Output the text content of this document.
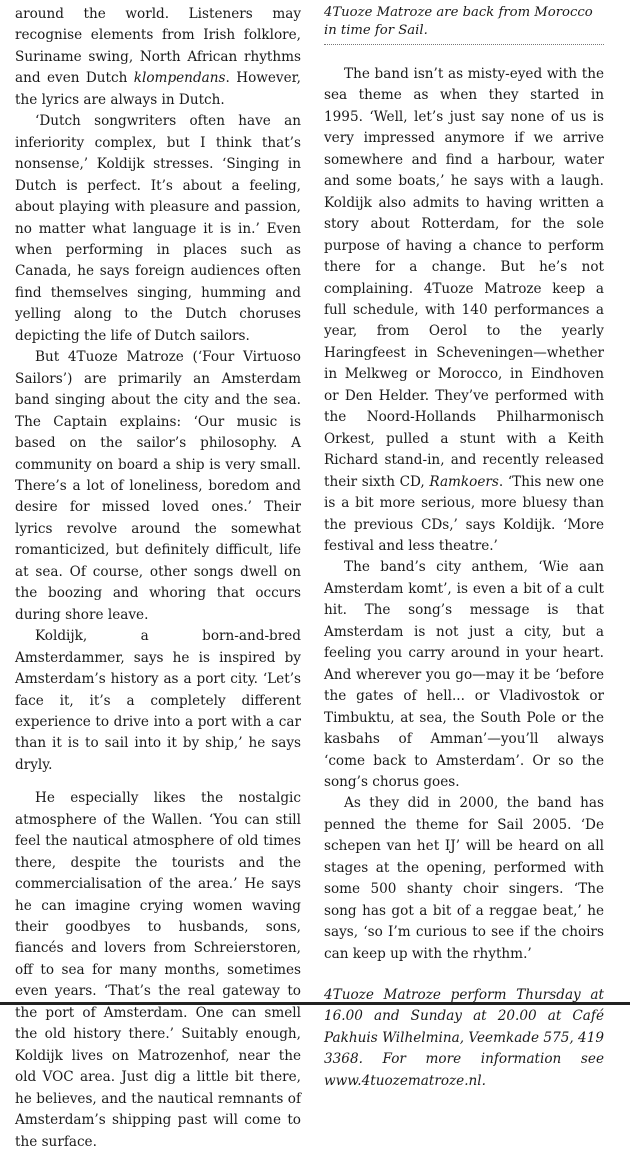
around the world. Listeners may recognise elements from Irish folklore, Suriname swing, North African rhythms and even Dutch klompendans. However, the lyrics are always in Dutch.

‘Dutch songwriters often have an inferiority complex, but I think that’s nonsense,’ Koldijk stresses. ‘Singing in Dutch is perfect. It’s about a feeling, about playing with pleasure and passion, no matter what language it is in.’ Even when performing in places such as Canada, he says foreign audiences often find themselves singing, humming and yelling along to the Dutch choruses depicting the life of Dutch sailors.

But 4Tuoze Matroze (‘Four Virtuoso Sailors’) are primarily an Amsterdam band singing about the city and the sea. The Captain explains: ‘Our music is based on the sailor’s philosophy. A community on board a ship is very small. There’s a lot of loneliness, boredom and desire for missed loved ones.’ Their lyrics revolve around the somewhat romanticized, but definitely difficult, life at sea. Of course, other songs dwell on the boozing and whoring that occurs during shore leave.

Koldijk, a born-and-bred Amsterdammer, says he is inspired by Amsterdam’s history as a port city. ‘Let’s face it, it’s a completely different experience to drive into a port with a car than it is to sail into it by ship,’ he says dryly.

He especially likes the nostalgic atmosphere of the Wallen. ‘You can still feel the nautical atmosphere of old times there, despite the tourists and the commercialisation of the area.’ He says he can imagine crying women waving their goodbyes to husbands, sons, fiancés and lovers from Schreierstoren, off to sea for many months, sometimes even years. ‘That’s the real gateway to the port of Amsterdam. One can smell the old history there.’ Suitably enough, Koldijk lives on Matrozenhof, near the old VOC area. Just dig a little bit there, he believes, and the nautical remnants of Amsterdam’s shipping past will come to the surface.

4Tuoze Matroze are back from Morocco in time for Sail.

The band isn’t as misty-eyed with the sea theme as when they started in 1995. ‘Well, let’s just say none of us is very impressed anymore if we arrive somewhere and find a harbour, water and some boats,’ he says with a laugh. Koldijk also admits to having written a story about Rotterdam, for the sole purpose of having a chance to perform there for a change. But he’s not complaining. 4Tuoze Matroze keep a full schedule, with 140 performances a year, from Oerol to the yearly Haringfeest in Scheveningen—whether in Melkweg or Morocco, in Eindhoven or Den Helder. They’ve performed with the Noord-Hollands Philharmonisch Orkest, pulled a stunt with a Keith Richard stand-in, and recently released their sixth CD, Ramkoers. ‘This new one is a bit more serious, more bluesy than the previous CDs,’ says Koldijk. ‘More festival and less theatre.’

The band’s city anthem, ‘Wie aan Amsterdam komt’, is even a bit of a cult hit. The song’s message is that Amsterdam is not just a city, but a feeling you carry around in your heart. And wherever you go—may it be ‘before the gates of hell... or Vladivostok or Timbuktu, at sea, the South Pole or the kasbahs of Amman’—you’ll always ‘come back to Amsterdam’. Or so the song’s chorus goes.

As they did in 2000, the band has penned the theme for Sail 2005. ‘De schepen van het IJ’ will be heard on all stages at the opening, performed with some 500 shanty choir singers. ‘The song has got a bit of a reggae beat,’ he says, ‘so I’m curious to see if the choirs can keep up with the rhythm.’

4Tuoze Matroze perform Thursday at 16.00 and Sunday at 20.00 at Café Pakhuis Wilhelmina, Veemkade 575, 419 3368. For more information see www.4tuozematroze.nl.
